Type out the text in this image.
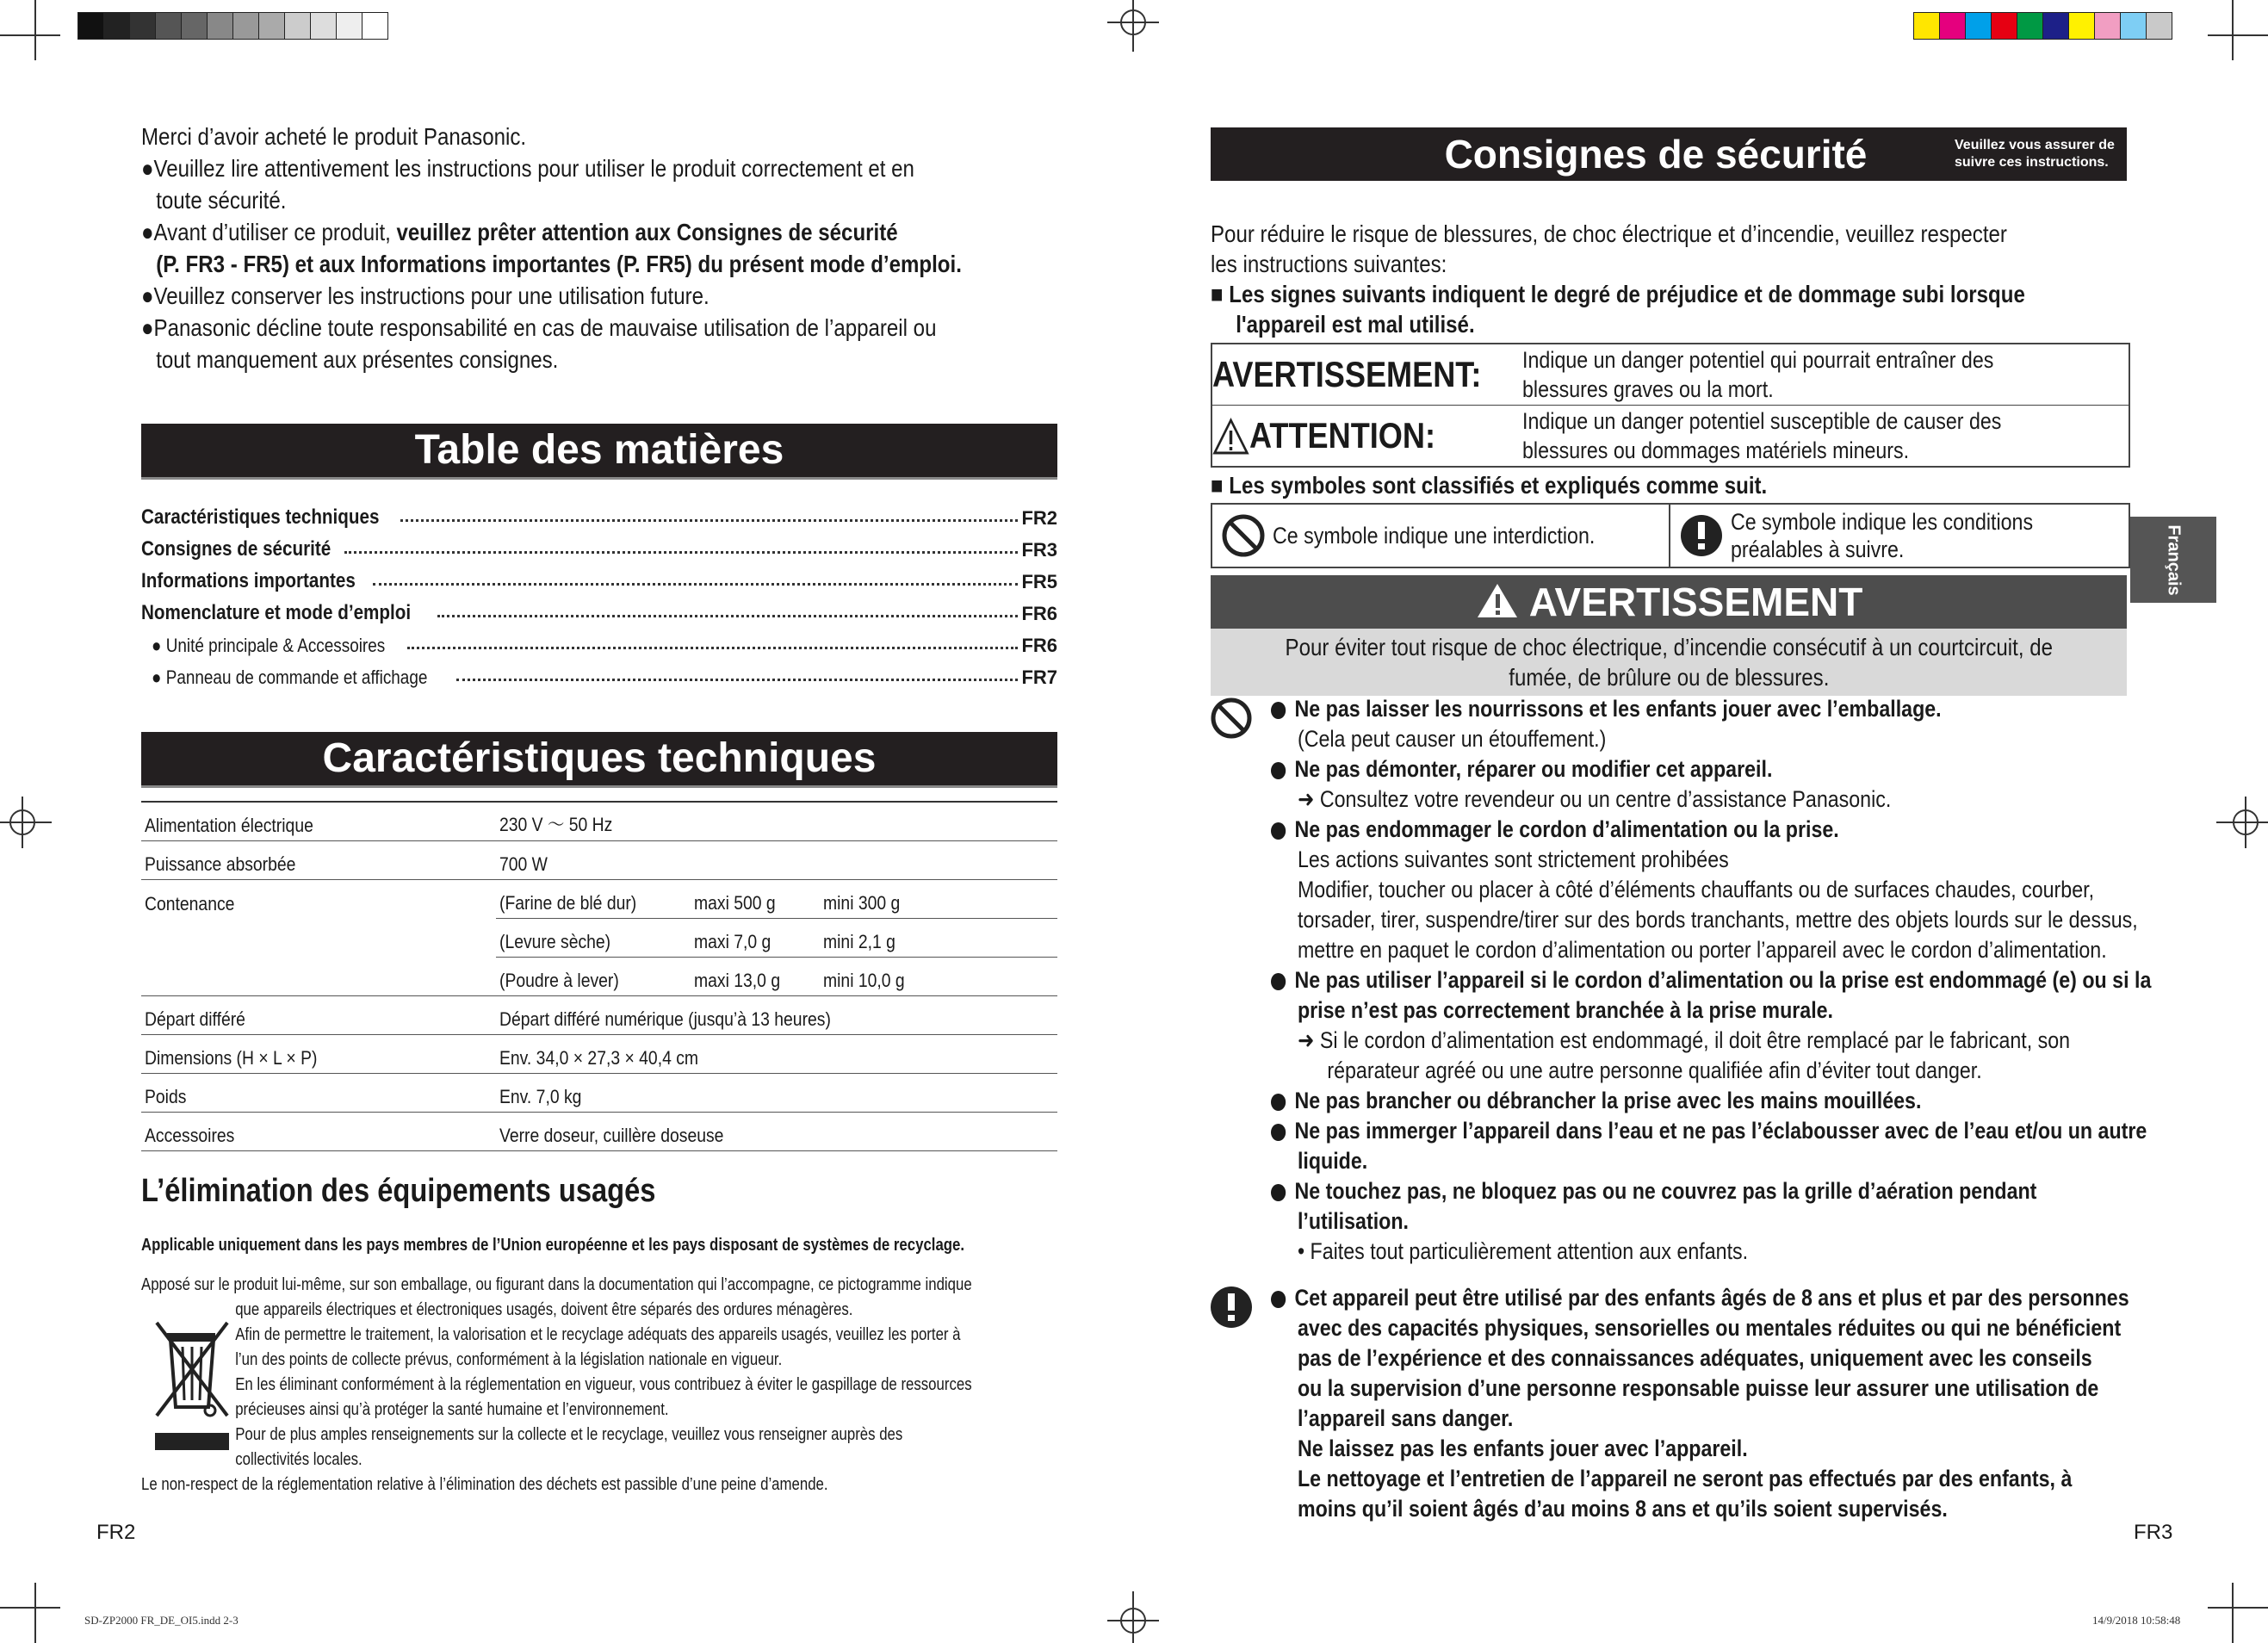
Merci d’avoir acheté le produit Panasonic.

●Veuillez lire attentivement les instructions pour utiliser le produit correctement et en

toute sécurité.

●Avant d’utiliser ce produit, veuillez prêter attention aux Consignes de sécurité

(P. FR3 - FR5) et aux Informations importantes (P. FR5) du présent mode d’emploi.

●Veuillez conserver les instructions pour une utilisation future.

●Panasonic décline toute responsabilité en cas de mauvaise utilisation de l’appareil ou

tout manquement aux présentes consignes.

Table des matières
Caractéristiques techniques	FR2
Consignes de sécurité	FR3
Informations importantes	FR5
Nomenclature et mode d’emploi	FR6
● Unité principale & Accessoires	FR6
● Panneau de commande et affichage	FR7
Caractéristiques techniques
Alimentation électrique	230 V ～ 50 Hz		
Puissance absorbée	700 W		
Contenance	(Farine de blé dur)	maxi 500 g	mini 300 g
	(Levure sèche)	maxi 7,0 g	mini 2,1 g
	(Poudre à lever)	maxi 13,0 g	mini 10,0 g
Départ différé	Départ différé numérique (jusqu’à 13 heures)		
Dimensions (H × L × P)	Env. 34,0 × 27,3 × 40,4 cm		
Poids	Env. 7,0 kg		
Accessoires	Verre doseur, cuillère doseuse		
L’élimination des équipements usagés
Applicable uniquement dans les pays membres de l’Union européenne et les pays disposant de systèmes de recyclage.
Apposé sur le produit lui-même, sur son emballage, ou figurant dans la documentation qui l’accompagne, ce pictogramme indique
que appareils électriques et électroniques usagés, doivent être séparés des ordures ménagères.
Afin de permettre le traitement, la valorisation et le recyclage adéquats des appareils usagés, veuillez les porter à
l’un des points de collecte prévus, conformément à la législation nationale en vigueur.
En les éliminant conformément à la réglementation en vigueur, vous contribuez à éviter le gaspillage de ressources
précieuses ainsi qu’à protéger la santé humaine et l’environnement.
Pour de plus amples renseignements sur la collecte et le recyclage, veuillez vous renseigner auprès des
collectivités locales.
Le non-respect de la réglementation relative à l’élimination des déchets est passible d’une peine d’amende.
FR2
Consignes de sécurité	Veuillez vous assurer de suivre ces instructions.

Pour réduire le risque de blessures, de choc électrique et d’incendie, veuillez respecter

les instructions suivantes:

■ Les signes suivants indiquent le degré de préjudice et de dommage subi lorsque

l'appareil est mal utilisé.

AVERTISSEMENT: Indique un danger potentiel qui pourrait entraîner des
blessures graves ou la mort.
ATTENTION:	Indique un danger potentiel susceptible de causer des
blessures ou dommages matériels mineurs.

■ Les symboles sont classifiés et expliqués comme suit.

Ce symbole indique une interdiction.
Ce symbole indique les conditions
préalables à suivre.
AVERTISSEMENT
Pour éviter tout risque de choc électrique, d’incendie consécutif à un courtcircuit, de
fumée, de brûlure ou de blessures.

Ne pas laisser les nourrissons et les enfants jouer avec l’emballage.

(Cela peut causer un étouffement.)

Ne pas démonter, réparer ou modifier cet appareil.

➜ Consultez votre revendeur ou un centre d’assistance Panasonic.

Ne pas endommager le cordon d’alimentation ou la prise.

Les actions suivantes sont strictement prohibées

Modifier, toucher ou placer à côté d’éléments chauffants ou de surfaces chaudes, courber,

torsader, tirer, suspendre/tirer sur des bords tranchants, mettre des objets lourds sur le dessus,

mettre en paquet le cordon d’alimentation ou porter l’appareil avec le cordon d’alimentation.

Ne pas utiliser l’appareil si le cordon d’alimentation ou la prise est endommagé (e) ou si la

prise n’est pas correctement branchée à la prise murale.

➜ Si le cordon d’alimentation est endommagé, il doit être remplacé par le fabricant, son

réparateur agréé ou une autre personne qualifiée afin d’éviter tout danger.

Ne pas brancher ou débrancher la prise avec les mains mouillées.

Ne pas immerger l’appareil dans l’eau et ne pas l’éclabousser avec de l’eau et/ou un autre

liquide.

Ne touchez pas, ne bloquez pas ou ne couvrez pas la grille d’aération pendant

l’utilisation.

• Faites tout particulièrement attention aux enfants.

Cet appareil peut être utilisé par des enfants âgés de 8 ans et plus et par des personnes

avec des capacités physiques, sensorielles ou mentales réduites ou qui ne bénéficient

pas de l’expérience et des connaissances adéquates, uniquement avec les conseils

ou la supervision d’une personne responsable puisse leur assurer une utilisation de

l’appareil sans danger.

Ne laissez pas les enfants jouer avec l’appareil.

Le nettoyage et l’entretien de l’appareil ne seront pas effectués par des enfants, à

moins qu’il soient âgés d’au moins 8 ans et qu’ils soient supervisés.

Français
FR3
SD-ZP2000 FR_DE_OI5.indd 2-3	14/9/2018 10:58:48
